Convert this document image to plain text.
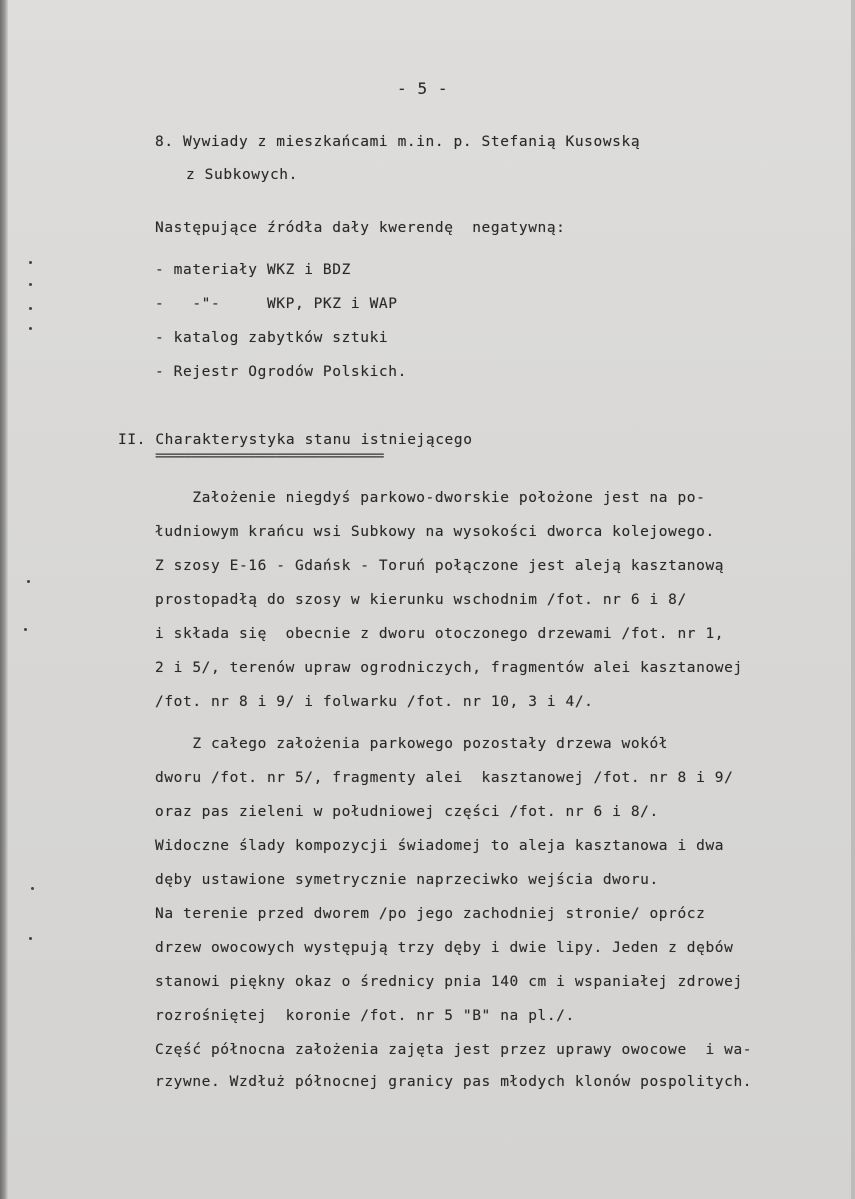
- 5 -
8. Wywiady z mieszkańcami m.in. p. Stefanią Kusowską
z Subkowych.
Następujące źródła dały kwerendę  negatywną:
- materiały WKZ i BDZ
-   -"-     WKP, PKZ i WAP
- katalog zabytków sztuki
- Rejestr Ogrodów Polskich.
II. Charakterystyka stanu istniejącego
================================
Założenie niegdyś parkowo-dworskie położone jest na po-
łudniowym krańcu wsi Subkowy na wysokości dworca kolejowego.
Z szosy E-16 - Gdańsk - Toruń połączone jest aleją kasztanową
prostopadłą do szosy w kierunku wschodnim /fot. nr 6 i 8/
i składa się  obecnie z dworu otoczonego drzewami /fot. nr 1,
2 i 5/, terenów upraw ogrodniczych, fragmentów alei kasztanowej
/fot. nr 8 i 9/ i folwarku /fot. nr 10, 3 i 4/.
Z całego założenia parkowego pozostały drzewa wokół
dworu /fot. nr 5/, fragmenty alei  kasztanowej /fot. nr 8 i 9/
oraz pas zieleni w południowej części /fot. nr 6 i 8/.
Widoczne ślady kompozycji świadomej to aleja kasztanowa i dwa
dęby ustawione symetrycznie naprzeciwko wejścia dworu.
Na terenie przed dworem /po jego zachodniej stronie/ oprócz
drzew owocowych występują trzy dęby i dwie lipy. Jeden z dębów
stanowi piękny okaz o średnicy pnia 140 cm i wspaniałej zdrowej
rozrośniętej  koronie /fot. nr 5 "B" na pl./.
Część północna założenia zajęta jest przez uprawy owocowe  i wa-
rzywne. Wzdłuż północnej granicy pas młodych klonów pospolitych.
